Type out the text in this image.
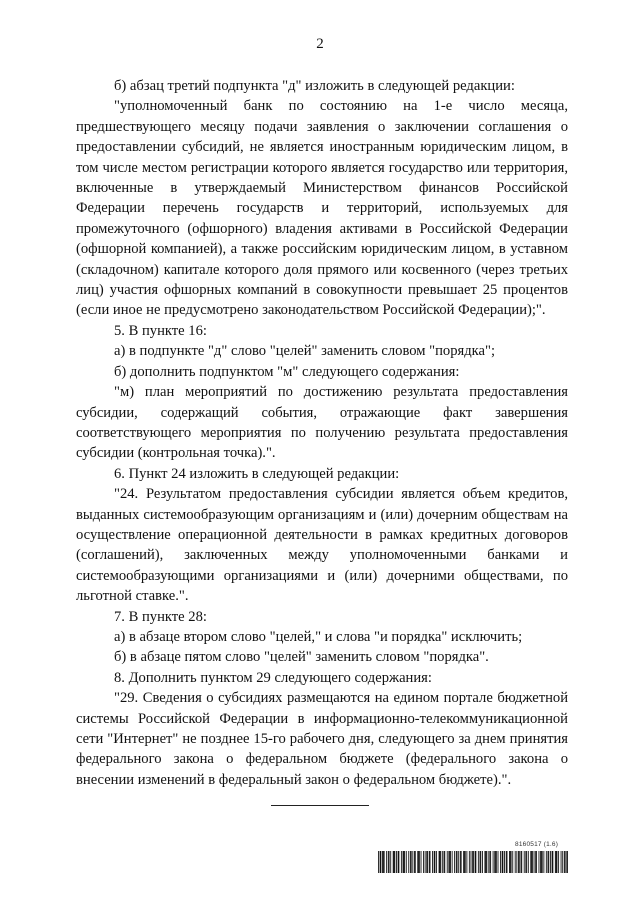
2

б) абзац третий подпункта "д" изложить в следующей редакции:

"уполномоченный банк по состоянию на 1-е число месяца, предшествующего месяцу подачи заявления о заключении соглашения о предоставлении субсидий, не является иностранным юридическим лицом, в том числе местом регистрации которого является государство или территория, включенные в утверждаемый Министерством финансов Российской Федерации перечень государств и территорий, используемых для промежуточного (офшорного) владения активами в Российской Федерации (офшорной компанией), а также российским юридическим лицом, в уставном (складочном) капитале которого доля прямого или косвенного (через третьих лиц) участия офшорных компаний в совокупности превышает 25 процентов (если иное не предусмотрено законодательством Российской Федерации);".

5. В пункте 16:

а) в подпункте "д" слово "целей" заменить словом "порядка";

б) дополнить подпунктом "м" следующего содержания:

"м) план мероприятий по достижению результата предоставления субсидии, содержащий события, отражающие факт завершения соответствующего мероприятия по получению результата предоставления субсидии (контрольная точка).".

6. Пункт 24 изложить в следующей редакции:

"24. Результатом предоставления субсидии является объем кредитов, выданных системообразующим организациям и (или) дочерним обществам на осуществление операционной деятельности в рамках кредитных договоров (соглашений), заключенных между уполномоченными банками и системообразующими организациями и (или) дочерними обществами, по льготной ставке.".

7. В пункте 28:

а) в абзаце втором слово "целей," и слова "и порядка" исключить;

б) в абзаце пятом слово "целей" заменить словом "порядка".

8. Дополнить пунктом 29 следующего содержания:

"29. Сведения о субсидиях размещаются на едином портале бюджетной системы Российской Федерации в информационно-телекоммуникационной сети "Интернет" не позднее 15-го рабочего дня, следующего за днем принятия федерального закона о федеральном бюджете (федерального закона о внесении изменений в федеральный закон о федеральном бюджете).".

8160517 (1.6)
